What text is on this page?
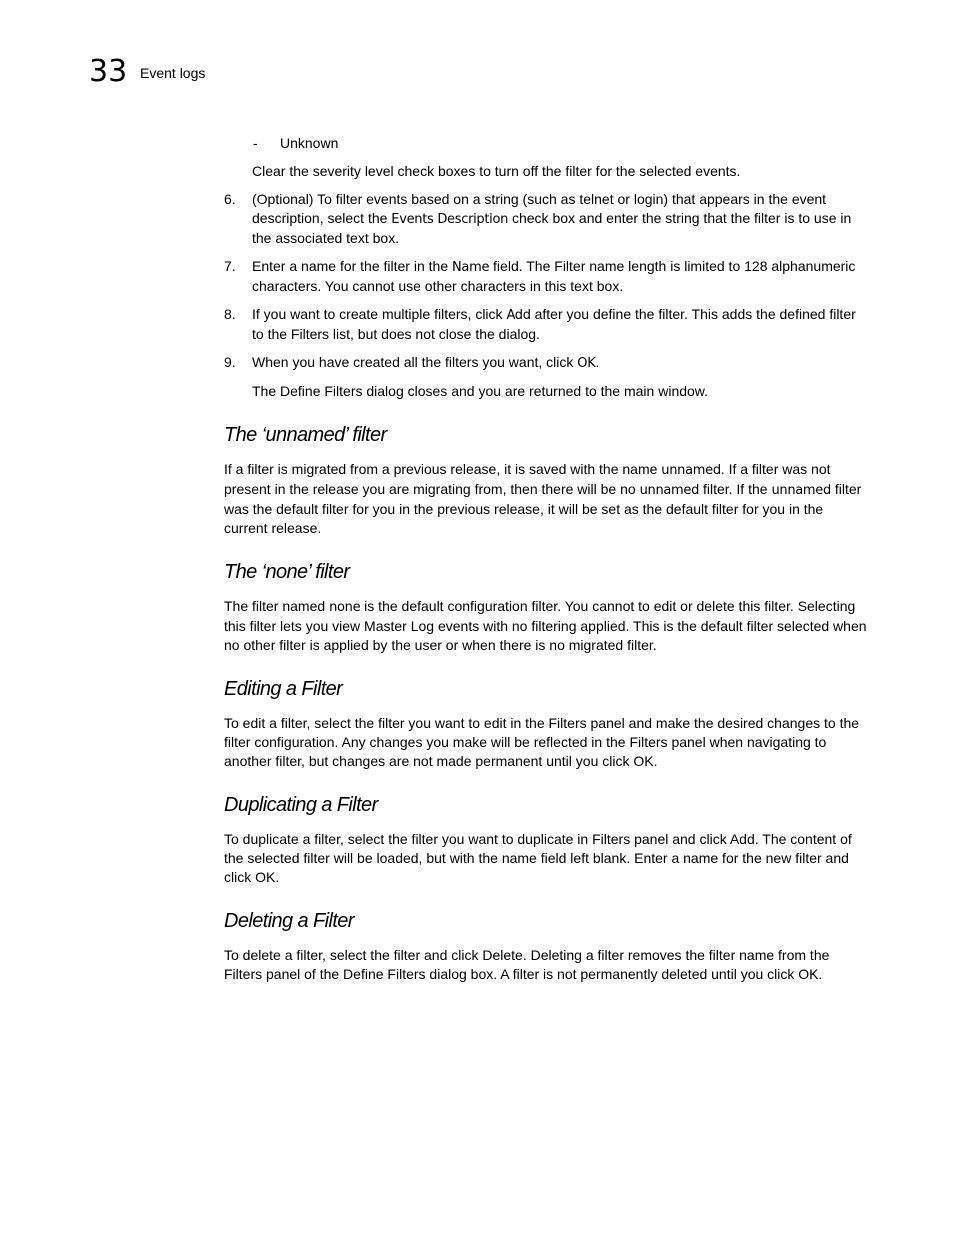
33 Event logs
- Unknown

Clear the severity level check boxes to turn off the filter for the selected events.

6. (Optional) To filter events based on a string (such as telnet or login) that appears in the event description, select the Events Description check box and enter the string that the filter is to use in the associated text box.
7. Enter a name for the filter in the Name field. The Filter name length is limited to 128 alphanumeric characters. You cannot use other characters in this text box.
8. If you want to create multiple filters, click Add after you define the filter. This adds the defined filter to the Filters list, but does not close the dialog.
9. When you have created all the filters you want, click OK.

The Define Filters dialog closes and you are returned to the main window.

The ‘unnamed’ filter

If a filter is migrated from a previous release, it is saved with the name unnamed. If a filter was not present in the release you are migrating from, then there will be no unnamed filter. If the unnamed filter was the default filter for you in the previous release, it will be set as the default filter for you in the current release.

The ‘none’ filter

The filter named none is the default configuration filter. You cannot to edit or delete this filter. Selecting this filter lets you view Master Log events with no filtering applied. This is the default filter selected when no other filter is applied by the user or when there is no migrated filter.

Editing a Filter

To edit a filter, select the filter you want to edit in the Filters panel and make the desired changes to the filter configuration. Any changes you make will be reflected in the Filters panel when navigating to another filter, but changes are not made permanent until you click OK.

Duplicating a Filter

To duplicate a filter, select the filter you want to duplicate in Filters panel and click Add. The content of the selected filter will be loaded, but with the name field left blank. Enter a name for the new filter and click OK.

Deleting a Filter

To delete a filter, select the filter and click Delete. Deleting a filter removes the filter name from the Filters panel of the Define Filters dialog box. A filter is not permanently deleted until you click OK.
